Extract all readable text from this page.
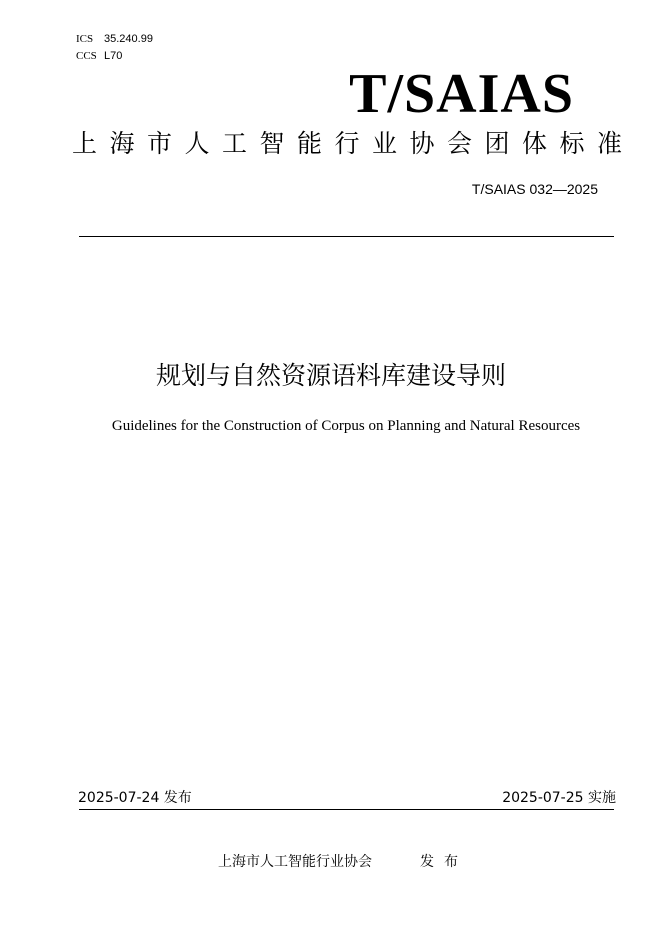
ICS 35.240.99
CCS L70
T/SAIAS
上海市人工智能行业协会团体标准
T/SAIAS 032—2025
规划与自然资源语料库建设导则
Guidelines for the Construction of Corpus on Planning and Natural Resources
2025-07-24 发布	2025-07-25 实施
上海市人工智能行业协会	发布
